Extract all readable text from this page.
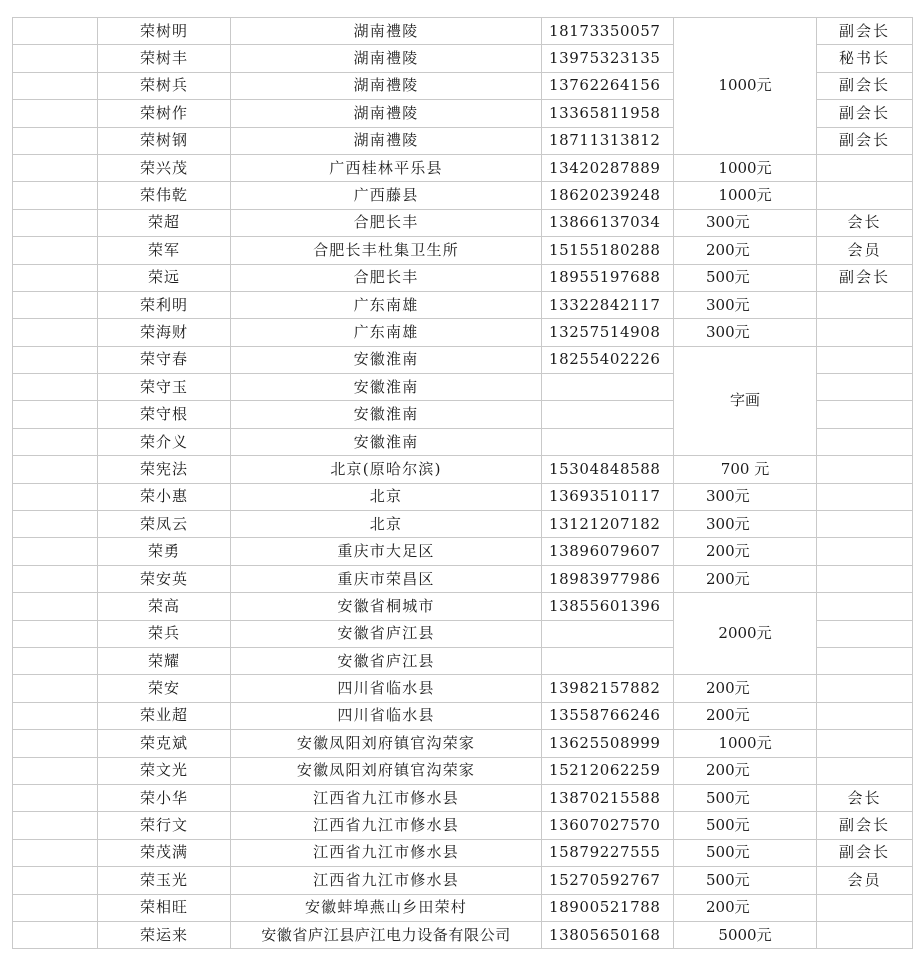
	荣树明	湖南禮陵	18173350057	1000元	副会长
	荣树丰	湖南禮陵	13975323135		秘书长
	荣树兵	湖南禮陵	13762264156		副会长
	荣树作	湖南禮陵	13365811958		副会长
	荣树钢	湖南禮陵	18711313812		副会长
	荣兴茂	广西桂林平乐县	13420287889	1000元	
	荣伟乾	广西藤县	18620239248	1000元	
	荣超	合肥长丰	13866137034	300元	会长
	荣军	合肥长丰杜集卫生所	15155180288	200元	会员
	荣远	合肥长丰	18955197688	500元	副会长
	荣利明	广东南雄	13322842117	300元	
	荣海财	广东南雄	13257514908	300元	
	荣守春	安徽淮南	18255402226	字画	
	荣守玉	安徽淮南			
	荣守根	安徽淮南			
	荣介义	安徽淮南			
	荣宪法	北京(原哈尔滨)	15304848588	700 元	
	荣小惠	北京	13693510117	300元	
	荣凤云	北京	13121207182	300元	
	荣勇	重庆市大足区	13896079607	200元	
	荣安英	重庆市荣昌区	18983977986	200元	
	荣高	安徽省桐城市	13855601396	2000元	
	荣兵	安徽省庐江县			
	荣耀	安徽省庐江县			
	荣安	四川省临水县	13982157882	200元	
	荣业超	四川省临水县	13558766246	200元	
	荣克斌	安徽凤阳刘府镇官沟荣家	13625508999	1000元	
	荣文光	安徽凤阳刘府镇官沟荣家	15212062259	200元	
	荣小华	江西省九江市修水县	13870215588	500元	会长
	荣行文	江西省九江市修水县	13607027570	500元	副会长
	荣茂满	江西省九江市修水县	15879227555	500元	副会长
	荣玉光	江西省九江市修水县	15270592767	500元	会员
	荣相旺	安徽蚌埠燕山乡田荣村	18900521788	200元	
	荣运来	安徽省庐江县庐江电力设备有限公司	13805650168	5000元	
